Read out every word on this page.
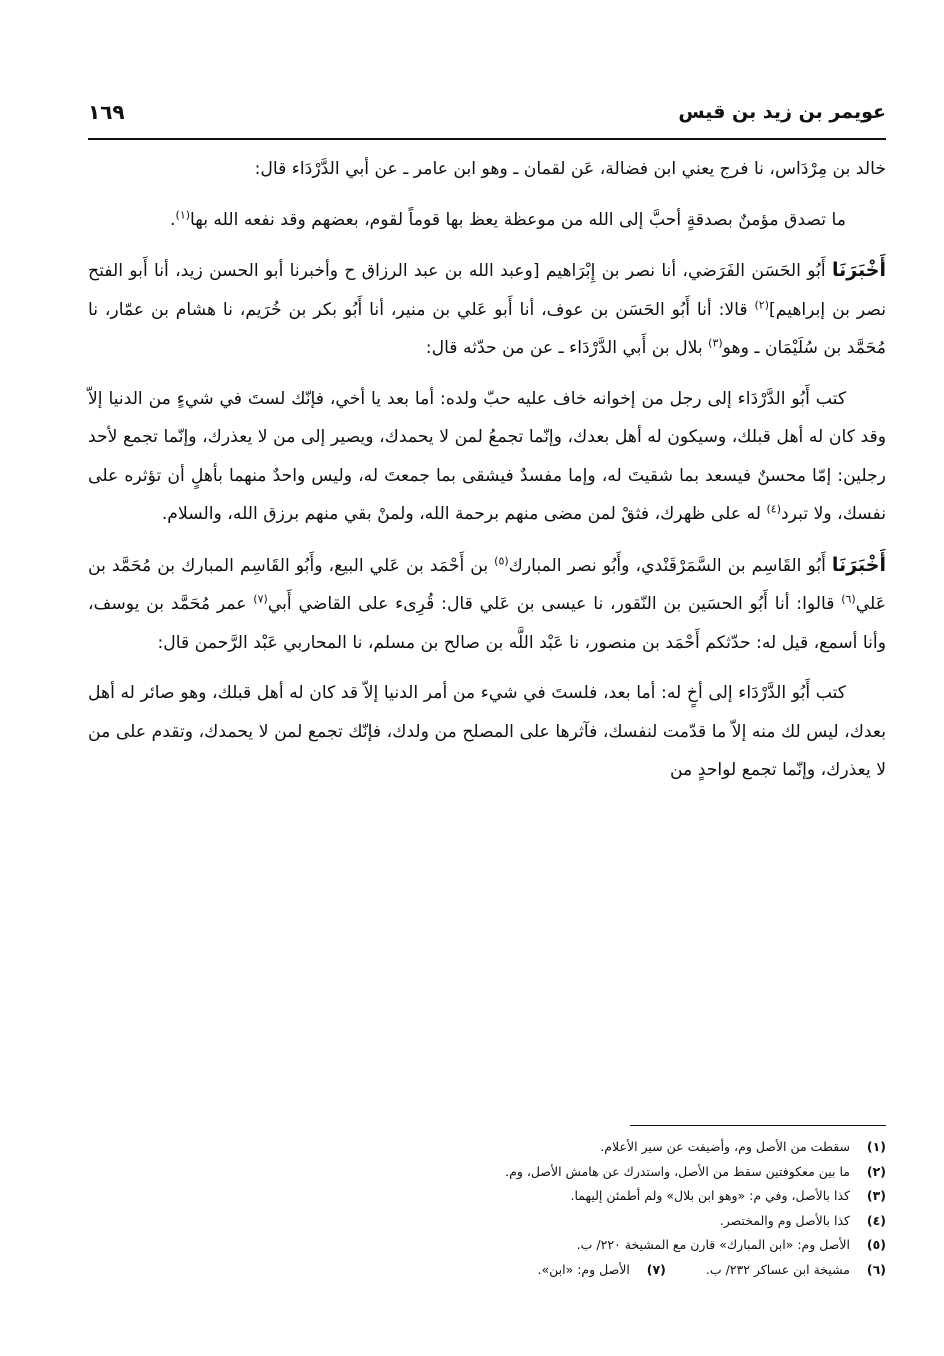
عويمر بن زيد بن قيس
١٦٩

خالد بن مِرْدَاس، نا فرج يعني ابن فضالة، عَن لقمان ـ وهو ابن عامر ـ عن أبي الدَّرْدَاء قال:

ما تصدق مؤمنٌ بصدقةٍ أحبَّ إلى الله من موعظة يعظ بها قوماً لقوم، بعضهم وقد نفعه الله بها$^{(١)}$.

أَخْبَرَنَا أَبُو الحَسَن الفَرَضي، أنا نصر بن إِبْرَاهيم [وعبد الله بن عبد الرزاق ح وأخبرنا أبو الحسن زيد، أنا أَبو الفتح نصر بن إبراهيم]$^{(٢)}$ قالا: أنا أَبُو الحَسَن بن عوف، أنا أَبو عَلي بن منير، أنا أَبُو بكر بن خُرَيم، نا هشام بن عمّار، نا مُحَمَّد بن سُلَيْمَان ـ وهو$^{(٣)}$ بلال بن أَبي الدَّرْدَاء ـ عن من حدّثه قال:

كتب أَبُو الدَّرْدَاء إلى رجل من إخوانه خاف عليه حبّ ولده: أما بعد يا أخي، فإنّك لستَ في شيءٍ من الدنيا إلاّ وقد كان له أهل قبلك، وسيكون له أهل بعدك، وإنّما تجمعُ لمن لا يحمدك، ويصير إلى من لا يعذرك، وإنّما تجمع لأحد رجلين: إمّا محسنٌ فيسعد بما شقيتَ له، وإما مفسدٌ فيشقى بما جمعتَ له، وليس واحدٌ منهما بأهلٍ أن تؤثره على نفسك، ولا تبرد$^{(٤)}$ له على ظهرك، فثقْ لمن مضى منهم برحمة الله، ولمنْ بقي منهم برزق الله، والسلام.

أَخْبَرَنَا أَبُو القَاسِم بن السَّمَرْقَنْدي، وأَبُو نصر المبارك$^{(٥)}$ بن أَحْمَد بن عَلي البيع، وأَبُو القَاسِم المبارك بن مُحَمَّد بن عَلي$^{(٦)}$ قالوا: أنا أَبُو الحسَين بن النّقور، نا عيسى بن عَلي قال: قُرِىء على القاضي أَبي$^{(٧)}$ عمر مُحَمَّد بن يوسف، وأنا أسمع، قيل له: حدّثكم أَحْمَد بن منصور، نا عَبْد اللَّه بن صالح بن مسلم، نا المحاربي عَبْد الرَّحمن قال:

كتب أَبُو الدَّرْدَاء إلى أخٍ له: أما بعد، فلستَ في شيء من أمر الدنيا إلاّ قد كان له أهل قبلك، وهو صائر له أهل بعدك، ليس لك منه إلاّ ما قدّمت لنفسك، فآثرها على المصلح من ولدك، فإنّك تجمع لمن لا يحمدك، وتقدم على من لا يعذرك، وإنّما تجمع لواحدٍ من

(١)
سقطت من الأصل وم، وأضيفت عن سير الأعلام.
(٢)
ما بين معكوفتين سقط من الأصل، واستدرك عن هامش الأصل، وم.
(٣)
كذا بالأصل، وفي م: «وهو ابن بلال» ولم أطمئن إليهما.
(٤)
كذا بالأصل وم والمختصر.
(٥)
الأصل وم: «ابن المبارك» قارن مع المشيخة ٢٢٠/ ب.
(٦)
مشيخة ابن عساكر ٢٣٢/ ب.
(٧)
الأصل وم: «ابن».
